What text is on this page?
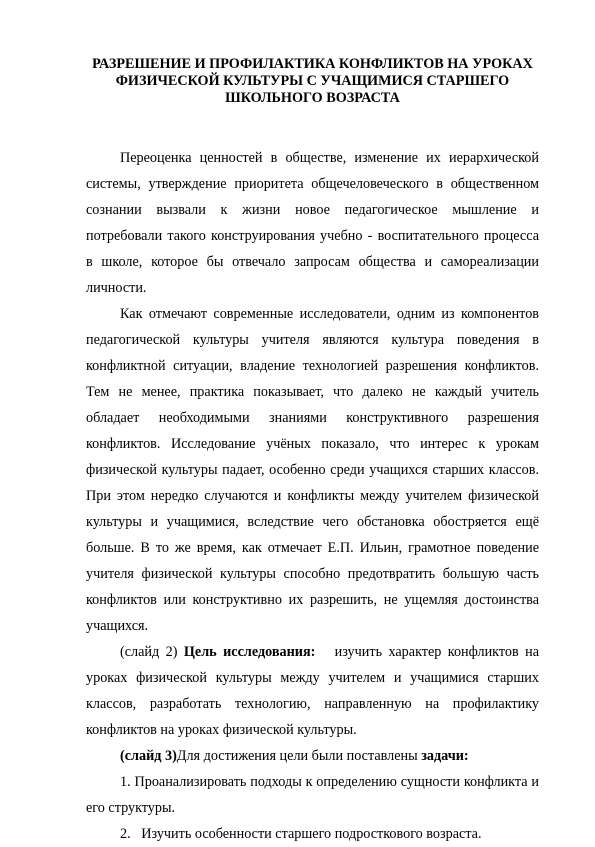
РАЗРЕШЕНИЕ И ПРОФИЛАКТИКА КОНФЛИКТОВ НА УРОКАХ
ФИЗИЧЕСКОЙ КУЛЬТУРЫ С УЧАЩИМИСЯ СТАРШЕГО
ШКОЛЬНОГО ВОЗРАСТА

Переоценка ценностей в обществе, изменение их иерархической системы, утверждение приоритета общечеловеческого в общественном сознании вызвали к жизни новое педагогическое мышление и потребовали такого конструирования учебно - воспитательного процесса в школе, которое бы отвечало запросам общества и самореализации личности.

Как отмечают современные исследователи, одним из компонентов педагогической культуры учителя являются культура поведения в конфликтной ситуации, владение технологией разрешения конфликтов. Тем не менее, практика показывает, что далеко не каждый учитель обладает необходимыми знаниями конструктивного разрешения конфликтов. Исследование учёных показало, что интерес к урокам физической культуры падает, особенно среди учащихся старших классов. При этом нередко случаются и конфликты между учителем физической культуры и учащимися, вследствие чего обстановка обостряется ещё больше. В то же время, как отмечает Е.П. Ильин, грамотное поведение учителя физической культуры способно предотвратить большую часть конфликтов или конструктивно их разрешить, не ущемляя достоинства учащихся.

(слайд 2) Цель исследования:   изучить характер конфликтов на уроках физической культуры между учителем и учащимися старших классов, разработать технологию, направленную на профилактику конфликтов на уроках физической культуры.

(слайд 3)Для достижения цели были поставлены задачи:

1. Проанализировать подходы к определению сущности конфликта и его структуры.

2.   Изучить особенности старшего подросткового возраста.
